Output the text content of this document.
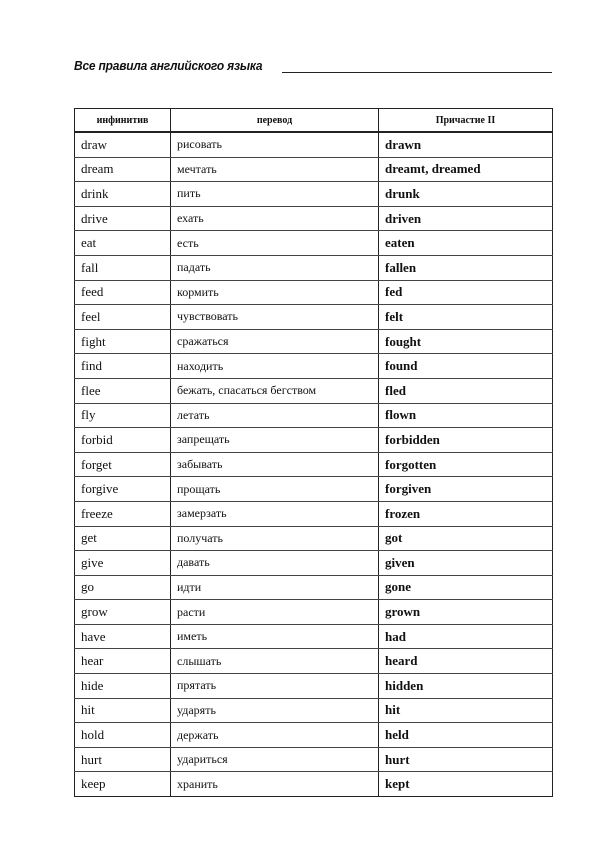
Все правила английского языка
инфинитив	перевод	Причастие II
draw	рисовать	drawn
dream	мечтать	dreamt, dreamed
drink	пить	drunk
drive	ехать	driven
eat	есть	eaten
fall	падать	fallen
feed	кормить	fed
feel	чувствовать	felt
fight	сражаться	fought
find	находить	found
flee	бежать, спасаться бегством	fled
fly	летать	flown
forbid	запрещать	forbidden
forget	забывать	forgotten
forgive	прощать	forgiven
freeze	замерзать	frozen
get	получать	got
give	давать	given
go	идти	gone
grow	расти	grown
have	иметь	had
hear	слышать	heard
hide	прятать	hidden
hit	ударять	hit
hold	держать	held
hurt	удариться	hurt
keep	хранить	kept
